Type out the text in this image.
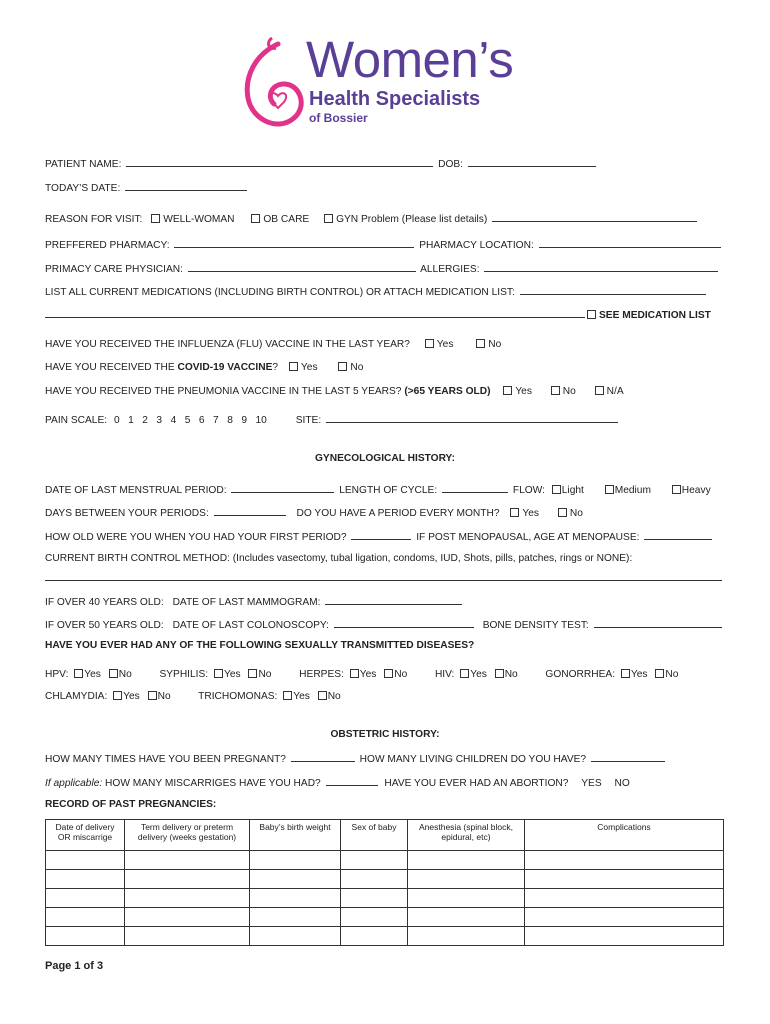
Women’s
Health Specialists
of Bossier
PATIENT NAME:	DOB:
TODAY’S DATE:
REASON FOR VISIT: WELL-WOMAN	OB CARE	GYN Problem (Please list details)
PREFFERED PHARMACY:	PHARMACY LOCATION:
PRIMACY CARE PHYSICIAN:	ALLERGIES:
LIST ALL CURRENT MEDICATIONS (INCLUDING BIRTH CONTROL) OR ATTACH MEDICATION LIST:
SEE MEDICATION LIST
HAVE YOU RECEIVED THE INFLUENZA (FLU) VACCINE IN THE LAST YEAR?	Yes	No
HAVE YOU RECEIVED THE COVID-19 VACCINE? Yes	No
HAVE YOU RECEIVED THE PNEUMONIA VACCINE IN THE LAST 5 YEARS? (>65 YEARS OLD) Yes	No	N/A
PAIN SCALE: 0   1   2   3   4   5   6   7   8   9   10	SITE:
GYNECOLOGICAL HISTORY:
DATE OF LAST MENSTRUAL PERIOD:	LENGTH OF CYCLE:	FLOW: Light	Medium	Heavy
DAYS BETWEEN YOUR PERIODS:	DO YOU HAVE A PERIOD EVERY MONTH? Yes	No
HOW OLD WERE YOU WHEN YOU HAD YOUR FIRST PERIOD?	IF POST MENOPAUSAL, AGE AT MENOPAUSE:
CURRENT BIRTH CONTROL METHOD: (Includes vasectomy, tubal ligation, condoms, IUD, Shots, pills, patches, rings or NONE):
IF OVER 40 YEARS OLD: DATE OF LAST MAMMOGRAM:
IF OVER 50 YEARS OLD: DATE OF LAST COLONOSCOPY:	BONE DENSITY TEST:
HAVE YOU EVER HAD ANY OF THE FOLLOWING SEXUALLY TRANSMITTED DISEASES?
HPV: Yes No	SYPHILIS: Yes No	HERPES: Yes No	HIV: Yes No	GONORRHEA: Yes No
CHLAMYDIA: Yes No	TRICHOMONAS: Yes No
OBSTETRIC HISTORY:
HOW MANY TIMES HAVE YOU BEEN PREGNANT?	HOW MANY LIVING CHILDREN DO YOU HAVE?
If applicable: HOW MANY MISCARRIGES HAVE YOU HAD?	HAVE YOU EVER HAD AN ABORTION? YES NO
RECORD OF PAST PREGNANCIES:
Date of delivery OR miscarrige	Term delivery or preterm delivery (weeks gestation)	Baby’s birth weight	Sex of baby	Anesthesia (spinal block, epidural, etc)	Complications

Page 1 of 3
